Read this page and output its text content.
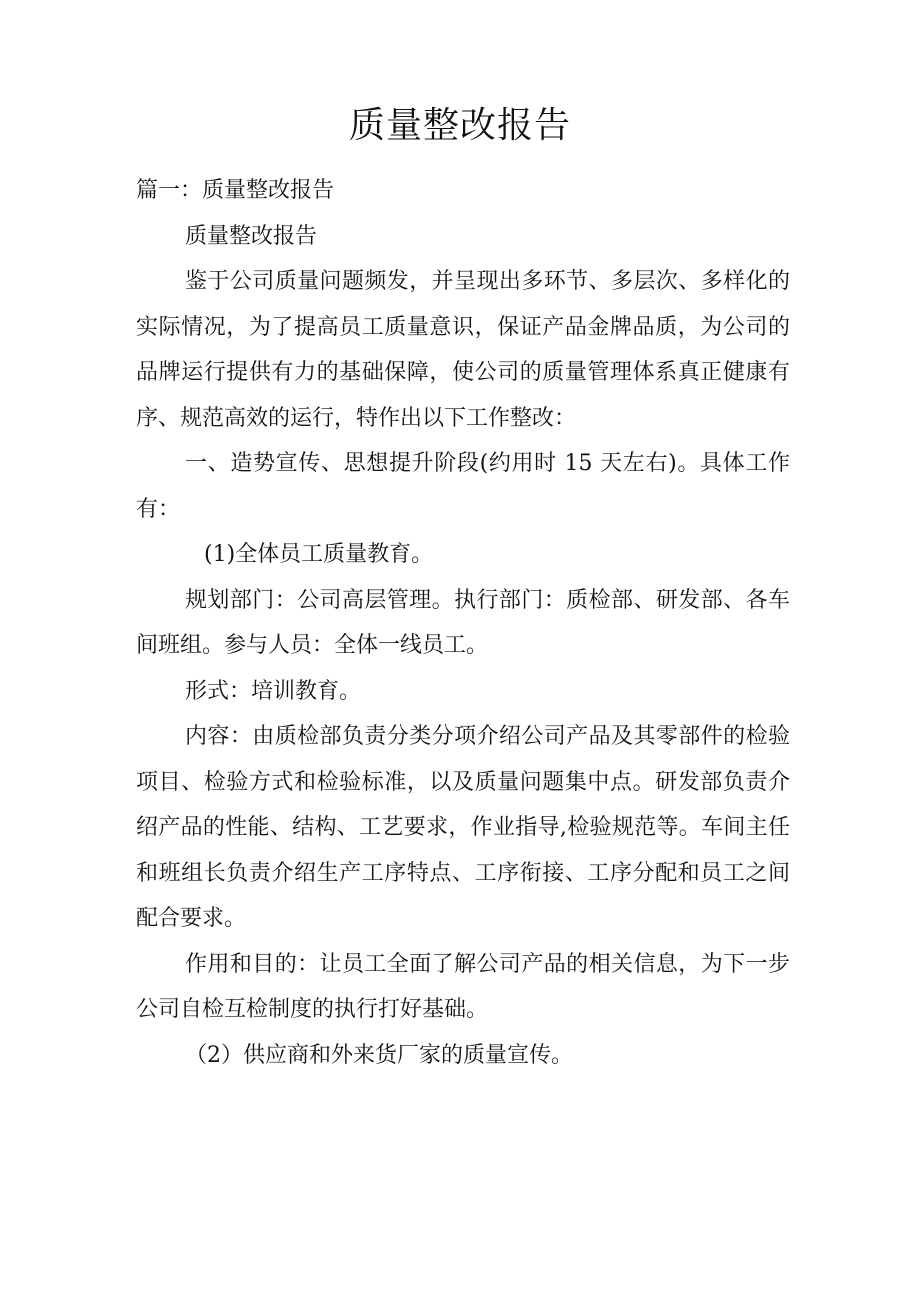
质量整改报告

篇一：质量整改报告

质量整改报告

鉴于公司质量问题频发，并呈现出多环节、多层次、多样化的实际情况，为了提高员工质量意识，保证产品金牌品质，为公司的品牌运行提供有力的基础保障，使公司的质量管理体系真正健康有序、规范高效的运行，特作出以下工作整改：

一、造势宣传、思想提升阶段(约用时 15 天左右)。具体工作有：

(1)全体员工质量教育。

规划部门：公司高层管理。执行部门：质检部、研发部、各车间班组。参与人员：全体一线员工。

形式：培训教育。

内容：由质检部负责分类分项介绍公司产品及其零部件的检验项目、检验方式和检验标准，以及质量问题集中点。研发部负责介绍产品的性能、结构、工艺要求，作业指导,检验规范等。车间主任和班组长负责介绍生产工序特点、工序衔接、工序分配和员工之间配合要求。

作用和目的：让员工全面了解公司产品的相关信息，为下一步公司自检互检制度的执行打好基础。

（2）供应商和外来货厂家的质量宣传。
